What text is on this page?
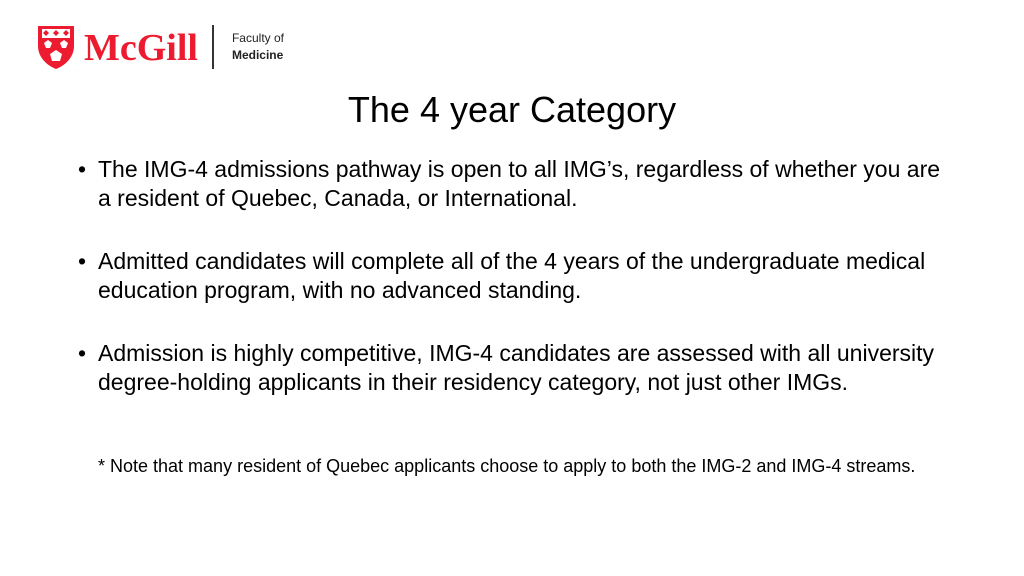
McGill	Faculty of
Medicine
The 4 year Category
• The IMG-4 admissions pathway is open to all IMG’s, regardless of whether you are a resident of Quebec, Canada, or International.
• Admitted candidates will complete all of the 4 years of the undergraduate medical education program, with no advanced standing.
• Admission is highly competitive, IMG-4 candidates are assessed with all university degree-holding applicants in their residency category, not just other IMGs.
* Note that many resident of Quebec applicants choose to apply to both the IMG-2 and IMG-4 streams.
